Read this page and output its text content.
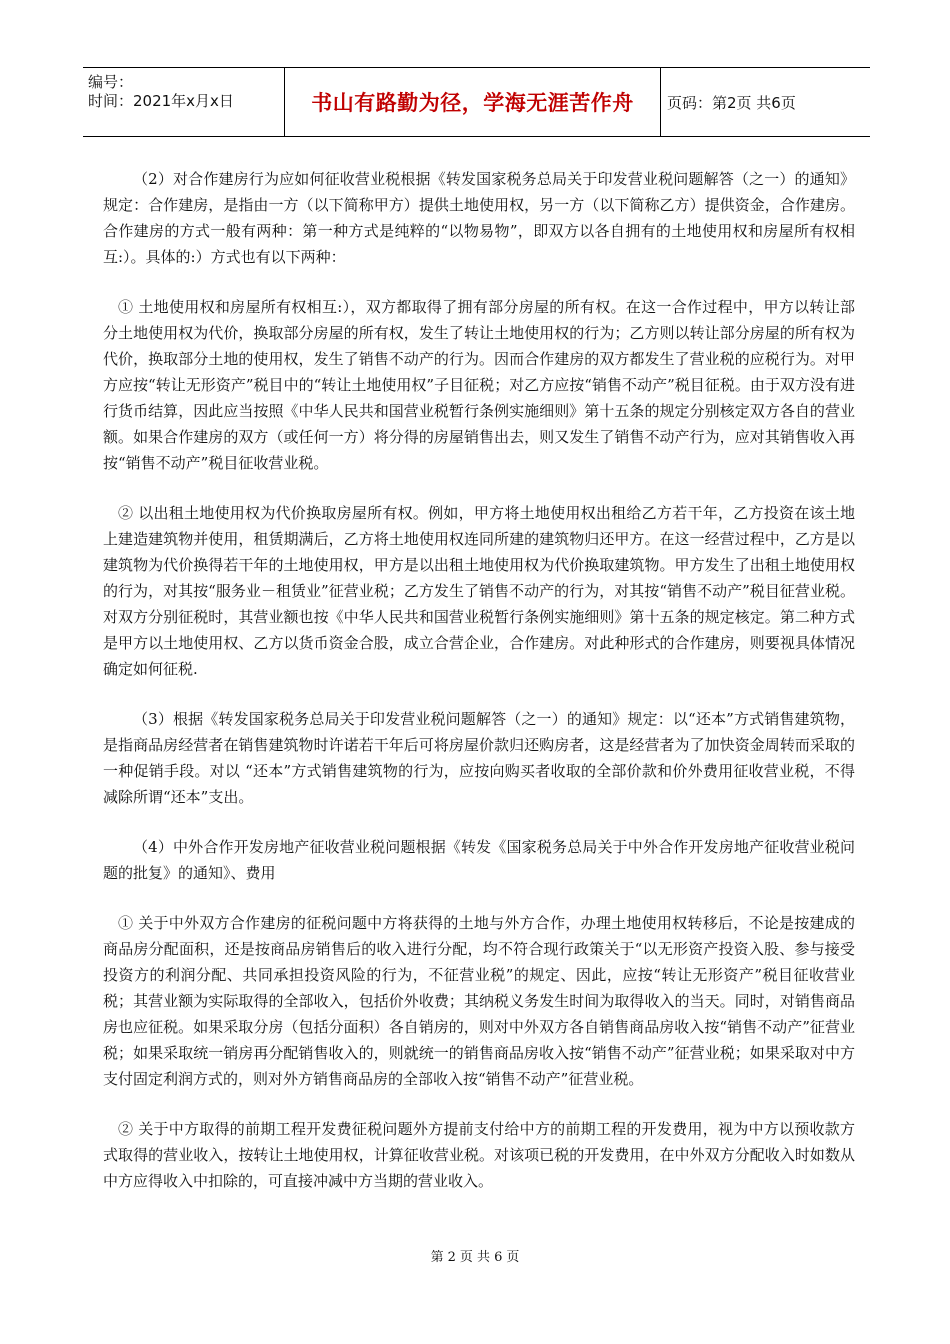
编号：
时间：2021年x月x日	书山有路勤为径，学海无涯苦作舟 页码：第2页 共6页

（2）对合作建房行为应如何征收营业税根据《转发国家税务总局关于印发营业税问题解答（之一）的通知》规定：合作建房，是指由一方（以下简称甲方）提供土地使用权，另一方（以下简称乙方）提供资金，合作建房。合作建房的方式一般有两种：第一种方式是纯粹的“以物易物”，即双方以各自拥有的土地使用权和房屋所有权相互:）。具体的:）方式也有以下两种：

① 土地使用权和房屋所有权相互:），双方都取得了拥有部分房屋的所有权。在这一合作过程中，甲方以转让部分土地使用权为代价，换取部分房屋的所有权，发生了转让土地使用权的行为；乙方则以转让部分房屋的所有权为代价，换取部分土地的使用权，发生了销售不动产的行为。因而合作建房的双方都发生了营业税的应税行为。对甲方应按“转让无形资产”税目中的“转让土地使用权”子目征税；对乙方应按“销售不动产”税目征税。由于双方没有进行货币结算，因此应当按照《中华人民共和国营业税暂行条例实施细则》第十五条的规定分别核定双方各自的营业额。如果合作建房的双方（或任何一方）将分得的房屋销售出去，则又发生了销售不动产行为，应对其销售收入再按“销售不动产”税目征收营业税。

② 以出租土地使用权为代价换取房屋所有权。例如，甲方将土地使用权出租给乙方若干年，乙方投资在该土地上建造建筑物并使用，租赁期满后，乙方将土地使用权连同所建的建筑物归还甲方。在这一经营过程中，乙方是以建筑物为代价换得若干年的土地使用权，甲方是以出租土地使用权为代价换取建筑物。甲方发生了出租土地使用权的行为，对其按“服务业－租赁业”征营业税；乙方发生了销售不动产的行为，对其按“销售不动产”税目征营业税。对双方分别征税时，其营业额也按《中华人民共和国营业税暂行条例实施细则》第十五条的规定核定。第二种方式是甲方以土地使用权、乙方以货币资金合股，成立合营企业，合作建房。对此种形式的合作建房，则要视具体情况确定如何征税.

（3）根据《转发国家税务总局关于印发营业税问题解答（之一）的通知》规定：以“还本”方式销售建筑物，是指商品房经营者在销售建筑物时许诺若干年后可将房屋价款归还购房者，这是经营者为了加快资金周转而采取的一种促销手段。对以 “还本”方式销售建筑物的行为，应按向购买者收取的全部价款和价外费用征收营业税，不得减除所谓“还本”支出。

（4）中外合作开发房地产征收营业税问题根据《转发《国家税务总局关于中外合作开发房地产征收营业税问题的批复》的通知》、费用

① 关于中外双方合作建房的征税问题中方将获得的土地与外方合作，办理土地使用权转移后，不论是按建成的商品房分配面积，还是按商品房销售后的收入进行分配，均不符合现行政策关于“以无形资产投资入股、参与接受投资方的利润分配、共同承担投资风险的行为，不征营业税”的规定、因此，应按“转让无形资产”税目征收营业税；其营业额为实际取得的全部收入，包括价外收费；其纳税义务发生时间为取得收入的当天。同时，对销售商品房也应征税。如果采取分房（包括分面积）各自销房的，则对中外双方各自销售商品房收入按“销售不动产”征营业税；如果采取统一销房再分配销售收入的，则就统一的销售商品房收入按“销售不动产”征营业税；如果采取对中方支付固定利润方式的，则对外方销售商品房的全部收入按“销售不动产”征营业税。

② 关于中方取得的前期工程开发费征税问题外方提前支付给中方的前期工程的开发费用，视为中方以预收款方式取得的营业收入，按转让土地使用权，计算征收营业税。对该项已税的开发费用，在中外双方分配收入时如数从中方应得收入中扣除的，可直接冲减中方当期的营业收入。

第 2 页 共 6 页
